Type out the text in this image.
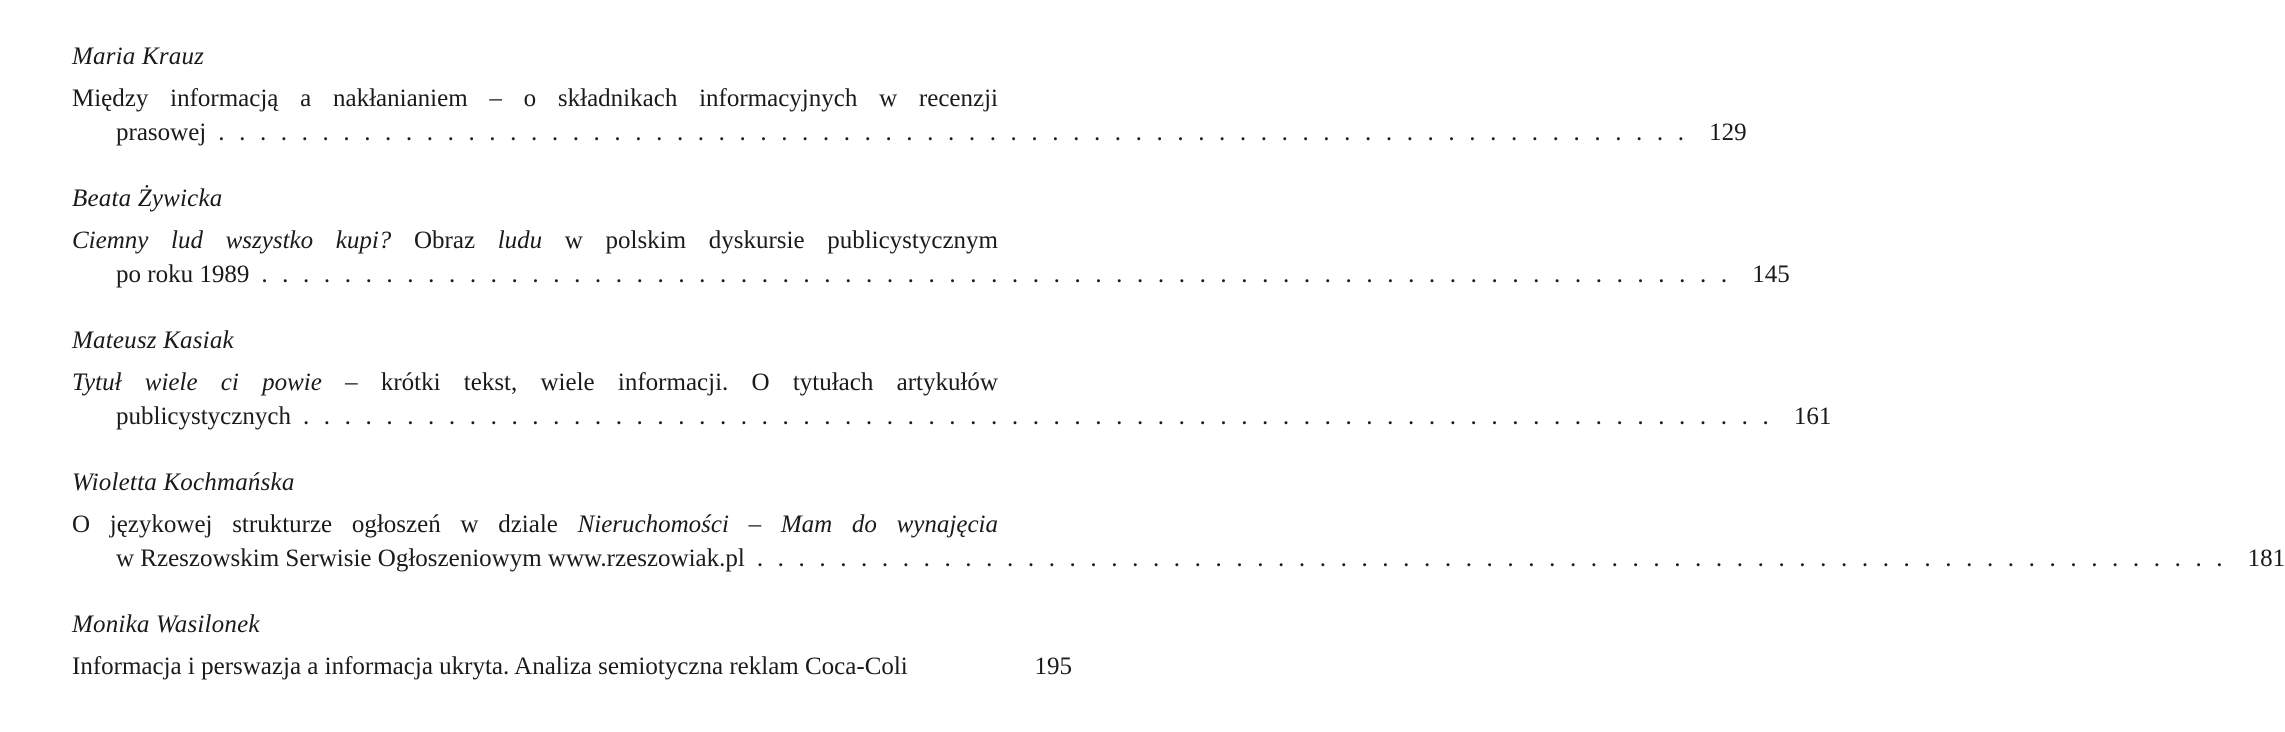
Maria Krauz
Między informacją a nakłanianiem – o składnikach informacyjnych w recenzji
prasowej ....................................................................... 129
Beata Żywicka
Ciemny lud wszystko kupi? Obraz ludu w polskim dyskursie publicystycznym
po roku 1989 ....................................................................... 145
Mateusz Kasiak
Tytuł wiele ci powie – krótki tekst, wiele informacji. O tytułach artykułów
publicystycznych ....................................................................... 161
Wioletta Kochmańska
O językowej strukturze ogłoszeń w dziale Nieruchomości – Mam do wynajęcia
w Rzeszowskim Serwisie Ogłoszeniowym www.rzeszowiak.pl ....................................................................... 181
Monika Wasilonek
Informacja i perswazja a informacja ukryta. Analiza semiotyczna reklam Coca-Coli	195
